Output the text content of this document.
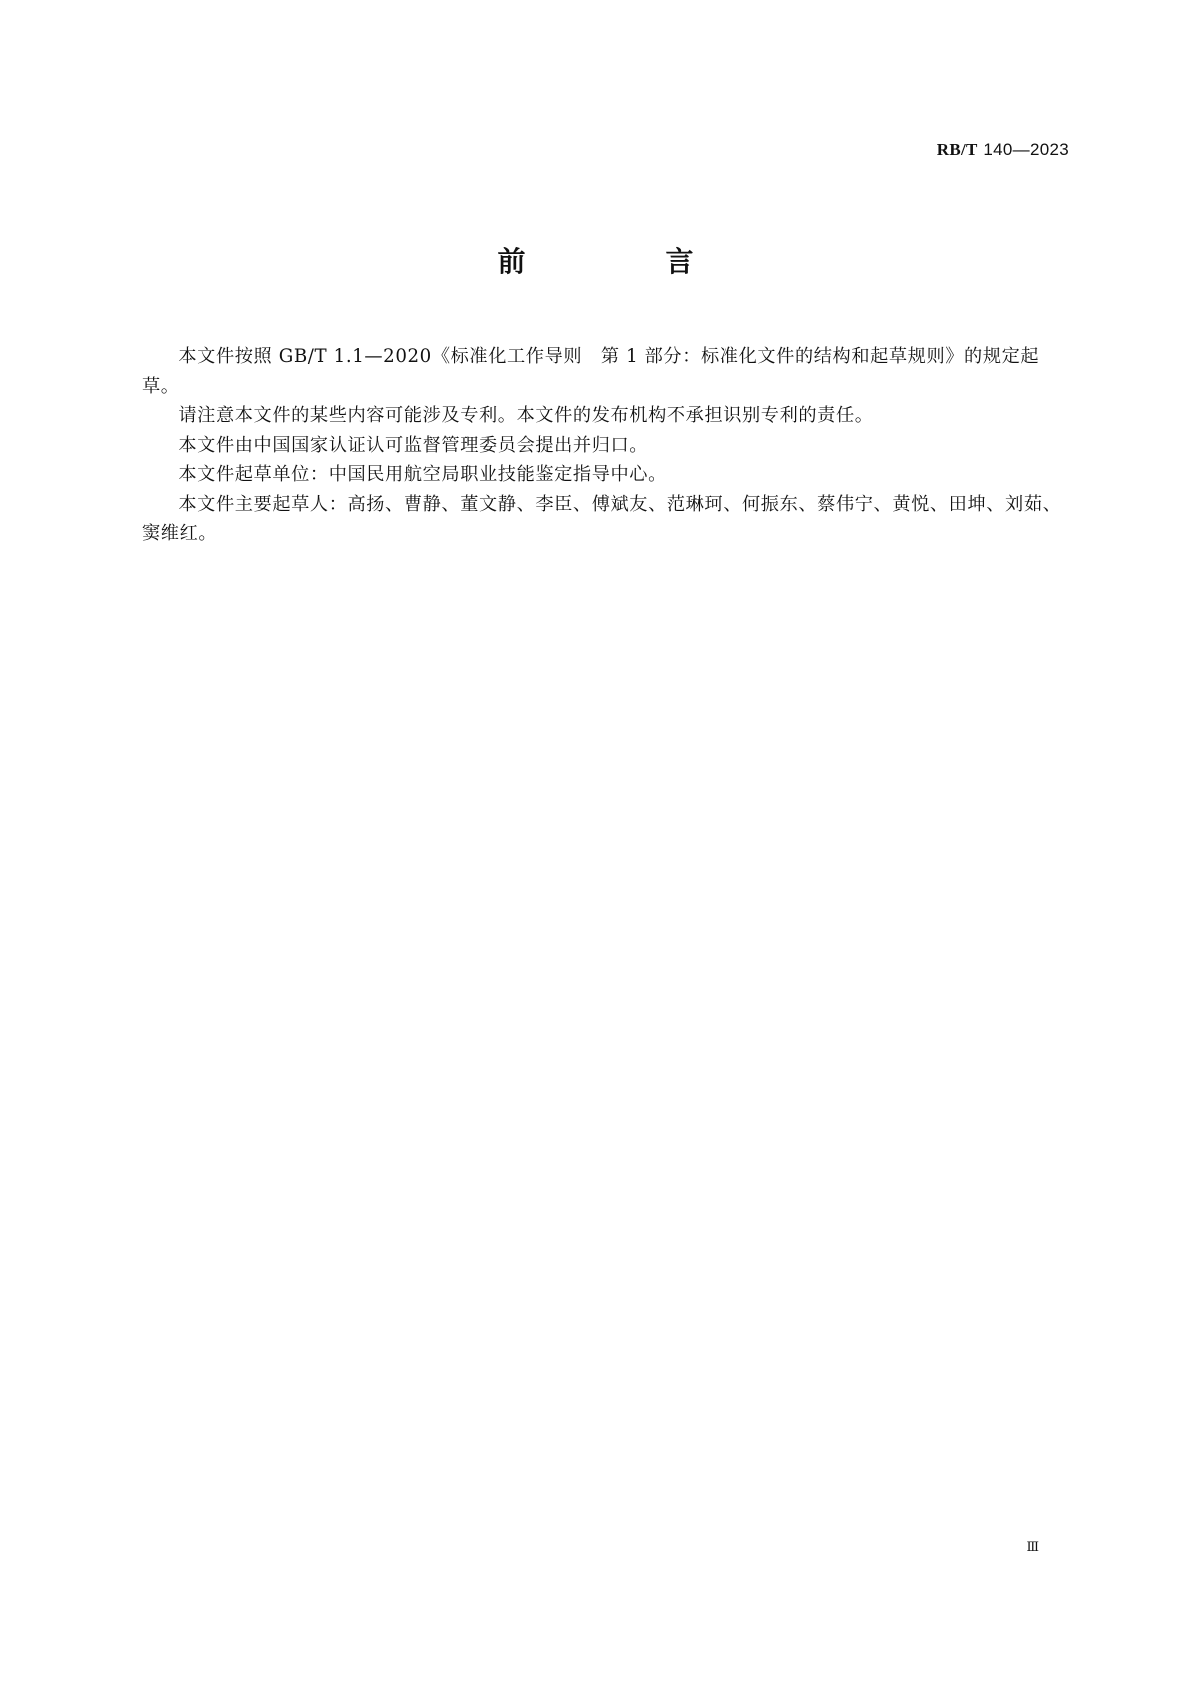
RB/T 140—2023
前　言

本文件按照 GB/T 1.1—2020《标准化工作导则　第 1 部分：标准化文件的结构和起草规则》的规定起草。

请注意本文件的某些内容可能涉及专利。本文件的发布机构不承担识别专利的责任。

本文件由中国国家认证认可监督管理委员会提出并归口。

本文件起草单位：中国民用航空局职业技能鉴定指导中心。

本文件主要起草人：高扬、曹静、董文静、李臣、傅斌友、范琳珂、何振东、蔡伟宁、黄悦、田坤、刘茹、窦维红。

Ⅲ
